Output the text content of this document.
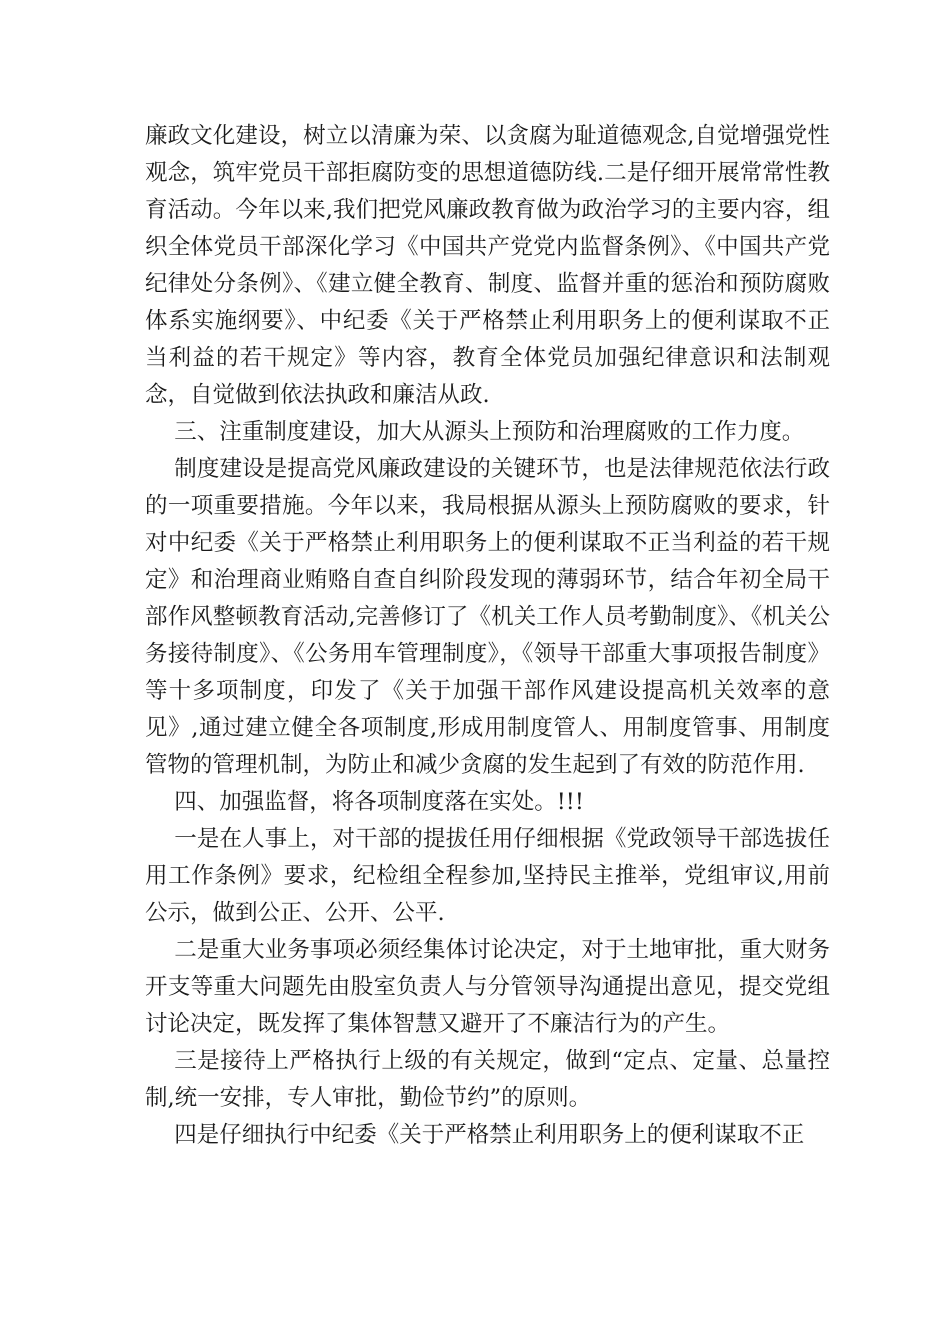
廉政文化建设，树立以清廉为荣、以贪腐为耻道德观念,自觉增强党性观念，筑牢党员干部拒腐防变的思想道德防线.二是仔细开展常常性教育活动。今年以来,我们把党风廉政教育做为政治学习的主要内容，组织全体党员干部深化学习《中国共产党党内监督条例》、《中国共产党纪律处分条例》、《建立健全教育、制度、监督并重的惩治和预防腐败体系实施纲要》、中纪委《关于严格禁止利用职务上的便利谋取不正当利益的若干规定》等内容，教育全体党员加强纪律意识和法制观念，自觉做到依法执政和廉洁从政.

三、注重制度建设，加大从源头上预防和治理腐败的工作力度。

制度建设是提高党风廉政建设的关键环节，也是法律规范依法行政的一项重要措施。今年以来，我局根据从源头上预防腐败的要求，针对中纪委《关于严格禁止利用职务上的便利谋取不正当利益的若干规定》和治理商业贿赂自查自纠阶段发现的薄弱环节，结合年初全局干部作风整顿教育活动,完善修订了《机关工作人员考勤制度》、《机关公务接待制度》、《公务用车管理制度》，《领导干部重大事项报告制度》等十多项制度，印发了《关于加强干部作风建设提高机关效率的意见》,通过建立健全各项制度,形成用制度管人、用制度管事、用制度管物的管理机制，为防止和减少贪腐的发生起到了有效的防范作用.

四、加强监督，将各项制度落在实处。!!!

一是在人事上，对干部的提拔任用仔细根据《党政领导干部选拔任用工作条例》要求，纪检组全程参加,坚持民主推举，党组审议,用前公示，做到公正、公开、公平.

二是重大业务事项必须经集体讨论决定，对于土地审批，重大财务开支等重大问题先由股室负责人与分管领导沟通提出意见，提交党组讨论决定，既发挥了集体智慧又避开了不廉洁行为的产生。

三是接待上严格执行上级的有关规定，做到“定点、定量、总量控制,统一安排，专人审批，勤俭节约”的原则。

四是仔细执行中纪委《关于严格禁止利用职务上的便利谋取不正
